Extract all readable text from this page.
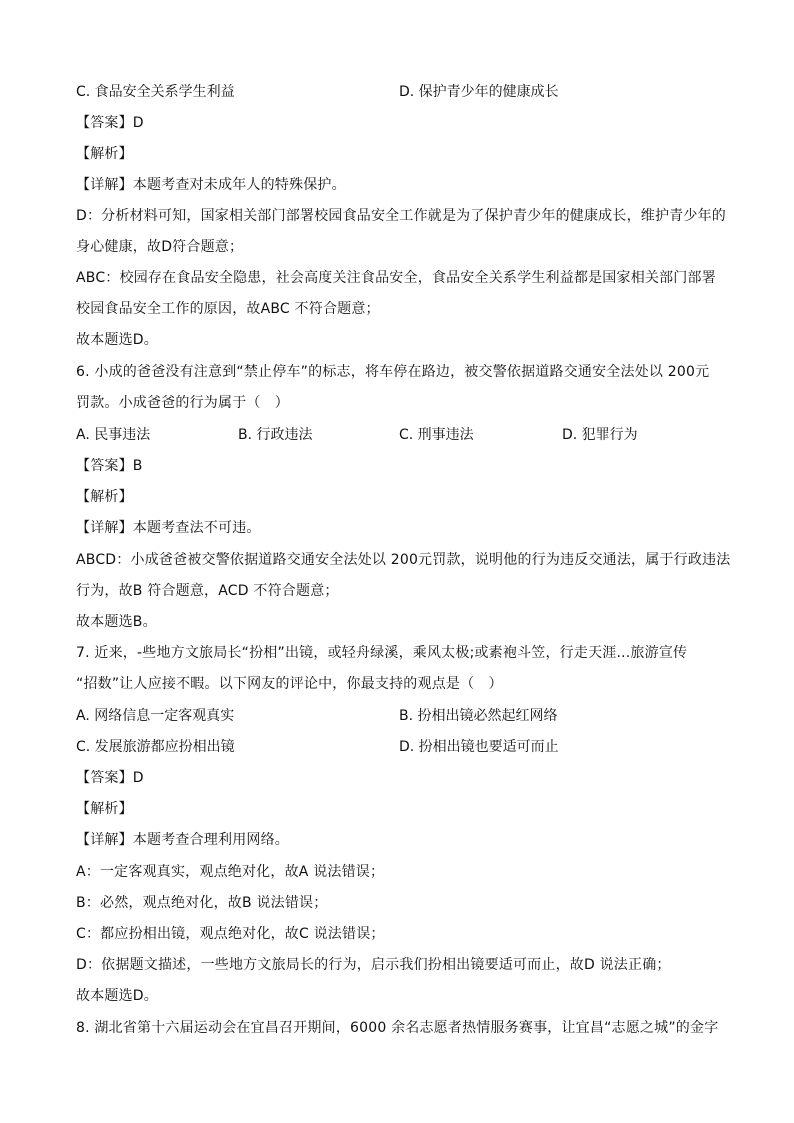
C. 食品安全关系学生利益	D. 保护青少年的健康成长
【答案】D
【解析】
【详解】本题考查对未成年人的特殊保护。
D：分析材料可知，国家相关部门部署校园食品安全工作就是为了保护青少年的健康成长，维护青少年的
身心健康，故D符合题意；
ABC：校园存在食品安全隐患，社会高度关注食品安全，食品安全关系学生利益都是国家相关部门部署
校园食品安全工作的原因，故ABC 不符合题意；
故本题选D。
6. 小成的爸爸没有注意到“禁止停车”的标志，将车停在路边，被交警依据道路交通安全法处以 200元
罚款。小成爸爸的行为属于（　）
A. 民事违法	B. 行政违法	C. 刑事违法	D. 犯罪行为
【答案】B
【解析】
【详解】本题考查法不可违。
ABCD：小成爸爸被交警依据道路交通安全法处以 200元罚款，说明他的行为违反交通法，属于行政违法
行为，故B 符合题意，ACD 不符合题意；
故本题选B。
7. 近来，-些地方文旅局长“扮相”出镜，或轻舟绿溪，乘风太极;或素袍斗笠，行走天涯...旅游宣传
“招数”让人应接不暇。以下网友的评论中，你最支持的观点是（　）
A. 网络信息一定客观真实	B. 扮相出镜必然起红网络
C. 发展旅游都应扮相出镜	D. 扮相出镜也要适可而止
【答案】D
【解析】
【详解】本题考查合理利用网络。
A：一定客观真实，观点绝对化，故A 说法错误；
B：必然，观点绝对化，故B 说法错误；
C：都应扮相出镜，观点绝对化，故C 说法错误；
D：依据题文描述，一些地方文旅局长的行为，启示我们扮相出镜要适可而止，故D 说法正确；
故本题选D。
8. 湖北省第十六届运动会在宜昌召开期间，6000 余名志愿者热情服务赛事，让宜昌“志愿之城”的金字
